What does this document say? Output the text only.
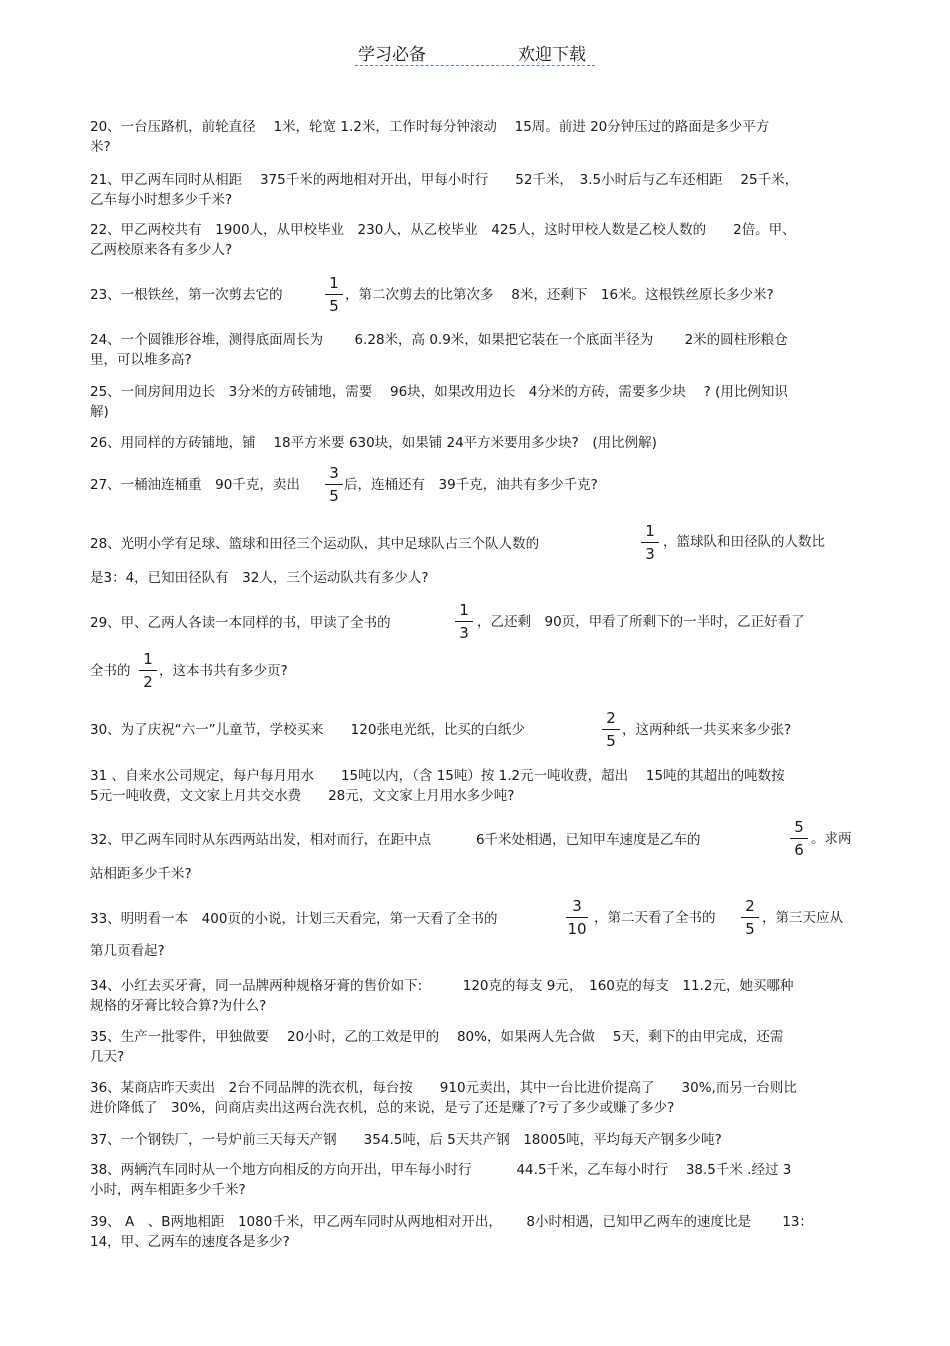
学习必备	欢迎下载
20、一台压路机，前轮直径　 1米，轮宽 1.2米，工作时每分钟滚动　 15周。前进 20分钟压过的路面是多少平方
米?
21、甲乙两车同时从相距　 375千米的两地相对开出，甲每小时行　　52千米，　3.5小时后与乙车还相距　 25千米，
乙车每小时想多少千米?
22、甲乙两校共有　1900人，从甲校毕业　230人，从乙校毕业　425人，这时甲校人数是乙校人数的　　2倍。甲、
乙两校原来各有多少人?
23、一根铁丝，第一次剪去它的
1
5
，第二次剪去的比第次多　 8米，还剩下　16米。这根铁丝原长多少米?
24、一个圆锥形谷堆，测得底面周长为　　 6.28米，高 0.9米，如果把它装在一个底面半径为　　 2米的圆柱形粮仓
里，可以堆多高?
25、一间房间用边长　3分米的方砖铺地，需要　 96块，如果改用边长　4分米的方砖，需要多少块　 ? (用比例知识
解)
26、用同样的方砖铺地，铺　 18平方米要 630块，如果铺 24平方米要用多少块?　(用比例解)
27、一桶油连桶重　90千克，卖出
3
5
后，连桶还有　39千克，油共有多少千克?
28、光明小学有足球、篮球和田径三个运动队，其中足球队占三个队人数的
1
3
，篮球队和田径队的人数比
是3：4，已知田径队有　32人，三个运动队共有多少人?
29、甲、乙两人各读一本同样的书，甲读了全书的
1
3
，乙还剩　90页，甲看了所剩下的一半时，乙正好看了
全书的
1
2
，这本书共有多少页?
30、为了庆祝“六一”儿童节，学校买来　　120张电光纸，比买的白纸少
2
5
，这两种纸一共买来多少张?
31 、自来水公司规定，每户每月用水　　15吨以内，（含 15吨）按 1.2元一吨收费，超出　 15吨的其超出的吨数按
5元一吨收费，文文家上月共交水费　　28元，文文家上月用水多少吨?
32、甲乙两车同时从东西两站出发，相对而行，在距中点　　　 6千米处相遇，已知甲车速度是乙车的
5
6
。求两
站相距多少千米?
33、明明看一本　400页的小说，计划三天看完，第一天看了全书的
3
10
，第二天看了全书的
2
5
，第三天应从
第几页看起?
34、小红去买牙膏，同一品牌两种规格牙膏的售价如下:　　　120克的每支 9元，　160克的每支　11.2元，她买哪种
规格的牙膏比较合算?为什么?
35、生产一批零件，甲独做要　 20小时，乙的工效是甲的　 80%，如果两人先合做　 5天，剩下的由甲完成，还需
几天?
36、某商店昨天卖出　2台不同品牌的洗衣机，每台按　　910元卖出，其中一台比进价提高了　　30%,而另一台则比
进价降低了　30%，问商店卖出这两台洗衣机，总的来说，是亏了还是赚了?亏了多少或赚了多少?
37、一个钢铁厂，一号炉前三天每天产钢　　354.5吨，后 5天共产钢　18005吨，平均每天产钢多少吨?
38、两辆汽车同时从一个地方向相反的方向开出，甲车每小时行　　　 44.5千米，乙车每小时行　 38.5千米 .经过 3
小时，两车相距多少千米?
39、 A　、B两地相距　1080千米，甲乙两车同时从两地相对开出，　　 8小时相遇，已知甲乙两车的速度比是　　 13：
14，甲、乙两车的速度各是多少?
